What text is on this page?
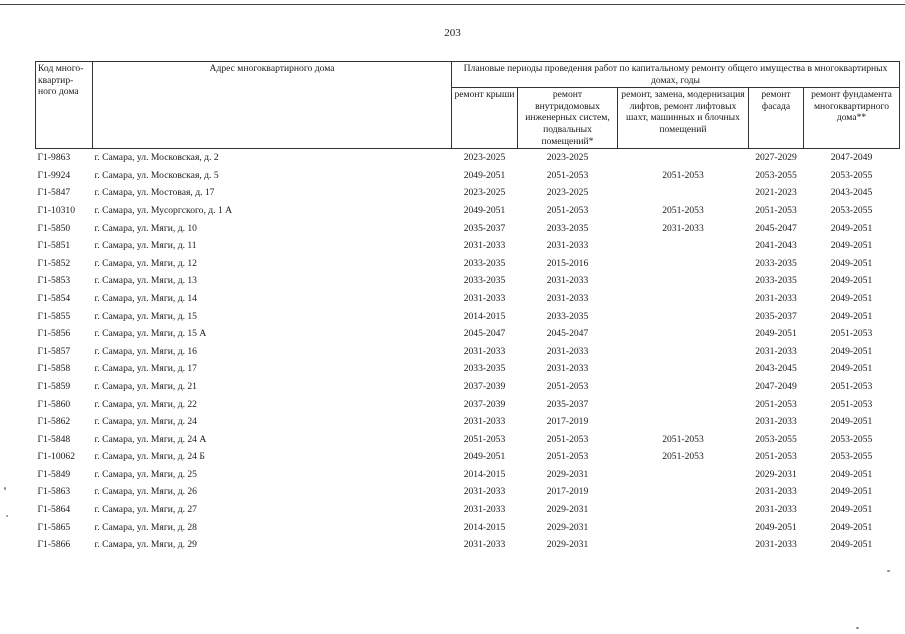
203
Код много-квартир-ного дома	Адрес многоквартирного дома	Плановые периоды проведения работ по капитальному ремонту общего имущества в многоквартирных домах, годы				
		ремонт крыши	ремонт внутридомовых инженерных систем, подвальных помещений*	ремонт, замена, модернизация лифтов, ремонт лифтовых шахт, машинных и блочных помещений	ремонт фасада	ремонт фундамента многоквартирного дома**
Г1-9863	г. Самара, ул. Московская, д. 2	2023-2025	2023-2025		2027-2029	2047-2049
Г1-9924	г. Самара, ул. Московская, д. 5	2049-2051	2051-2053	2051-2053	2053-2055	2053-2055
Г1-5847	г. Самара, ул. Мостовая, д. 17	2023-2025	2023-2025		2021-2023	2043-2045
Г1-10310	г. Самара, ул. Мусоргского, д. 1 А	2049-2051	2051-2053	2051-2053	2051-2053	2053-2055
Г1-5850	г. Самара, ул. Мяги, д. 10	2035-2037	2033-2035	2031-2033	2045-2047	2049-2051
Г1-5851	г. Самара, ул. Мяги, д. 11	2031-2033	2031-2033		2041-2043	2049-2051
Г1-5852	г. Самара, ул. Мяги, д. 12	2033-2035	2015-2016		2033-2035	2049-2051
Г1-5853	г. Самара, ул. Мяги, д. 13	2033-2035	2031-2033		2033-2035	2049-2051
Г1-5854	г. Самара, ул. Мяги, д. 14	2031-2033	2031-2033		2031-2033	2049-2051
Г1-5855	г. Самара, ул. Мяги, д. 15	2014-2015	2033-2035		2035-2037	2049-2051
Г1-5856	г. Самара, ул. Мяги, д. 15 А	2045-2047	2045-2047		2049-2051	2051-2053
Г1-5857	г. Самара, ул. Мяги, д. 16	2031-2033	2031-2033		2031-2033	2049-2051
Г1-5858	г. Самара, ул. Мяги, д. 17	2033-2035	2031-2033		2043-2045	2049-2051
Г1-5859	г. Самара, ул. Мяги, д. 21	2037-2039	2051-2053		2047-2049	2051-2053
Г1-5860	г. Самара, ул. Мяги, д. 22	2037-2039	2035-2037		2051-2053	2051-2053
Г1-5862	г. Самара, ул. Мяги, д. 24	2031-2033	2017-2019		2031-2033	2049-2051
Г1-5848	г. Самара, ул. Мяги, д. 24 А	2051-2053	2051-2053	2051-2053	2053-2055	2053-2055
Г1-10062	г. Самара, ул. Мяги, д. 24 Б	2049-2051	2051-2053	2051-2053	2051-2053	2053-2055
Г1-5849	г. Самара, ул. Мяги, д. 25	2014-2015	2029-2031		2029-2031	2049-2051
Г1-5863	г. Самара, ул. Мяги, д. 26	2031-2033	2017-2019		2031-2033	2049-2051
Г1-5864	г. Самара, ул. Мяги, д. 27	2031-2033	2029-2031		2031-2033	2049-2051
Г1-5865	г. Самара, ул. Мяги, д. 28	2014-2015	2029-2031		2049-2051	2049-2051
Г1-5866	г. Самара, ул. Мяги, д. 29	2031-2033	2029-2031		2031-2033	2049-2051
